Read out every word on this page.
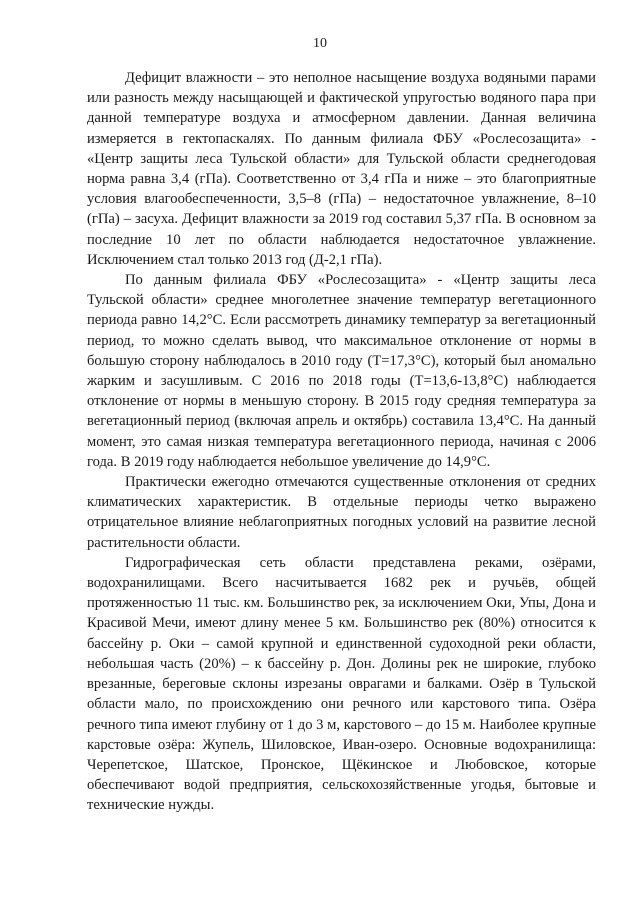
10

Дефицит влажности – это неполное насыщение воздуха водяными парами или разность между насыщающей и фактической упругостью водяного пара при данной температуре воздуха и атмосферном давлении. Данная величина измеряется в гектопаскалях. По данным филиала ФБУ «Рослесозащита» - «Центр защиты леса Тульской области» для Тульской области среднегодовая норма равна 3,4 (гПа). Соответственно от 3,4 гПа и ниже – это благоприятные условия влагообеспеченности, 3,5–8 (гПа) – недостаточное увлажнение, 8–10 (гПа) – засуха. Дефицит влажности за 2019 год составил 5,37 гПа. В основном за последние 10 лет по области наблюдается недостаточное увлажнение. Исключением стал только 2013 год (Д-2,1 гПа).

По данным филиала ФБУ «Рослесозащита» - «Центр защиты леса Тульской области» среднее многолетнее значение температур вегетационного периода равно 14,2°С. Если рассмотреть динамику температур за вегетационный период, то можно сделать вывод, что максимальное отклонение от нормы в большую сторону наблюдалось в 2010 году (Т=17,3°С), который был аномально жарким и засушливым. С 2016 по 2018 годы (Т=13,6-13,8°С) наблюдается отклонение от нормы в меньшую сторону. В 2015 году средняя температура за вегетационный период (включая апрель и октябрь) составила 13,4°С. На данный момент, это самая низкая температура вегетационного периода, начиная с 2006 года. В 2019 году наблюдается небольшое увеличение до 14,9°С.

Практически ежегодно отмечаются существенные отклонения от средних климатических характеристик. В отдельные периоды четко выражено отрицательное влияние неблагоприятных погодных условий на развитие лесной растительности области.

Гидрографическая сеть области представлена реками, озёрами, водохранилищами. Всего насчитывается 1682 рек и ручьёв, общей протяженностью 11 тыс. км. Большинство рек, за исключением Оки, Упы, Дона и Красивой Мечи, имеют длину менее 5 км. Большинство рек (80%) относится к бассейну р. Оки – самой крупной и единственной судоходной реки области, небольшая часть (20%) – к бассейну р. Дон. Долины рек не широкие, глубоко врезанные, береговые склоны изрезаны оврагами и балками. Озёр в Тульской области мало, по происхождению они речного или карстового типа. Озёра речного типа имеют глубину от 1 до 3 м, карстового – до 15 м. Наиболее крупные карстовые озёра: Жупель, Шиловское, Иван-озеро. Основные водохранилища: Черепетское, Шатское, Пронское, Щёкинское и Любовское, которые обеспечивают водой предприятия, сельскохозяйственные угодья, бытовые и технические нужды.
